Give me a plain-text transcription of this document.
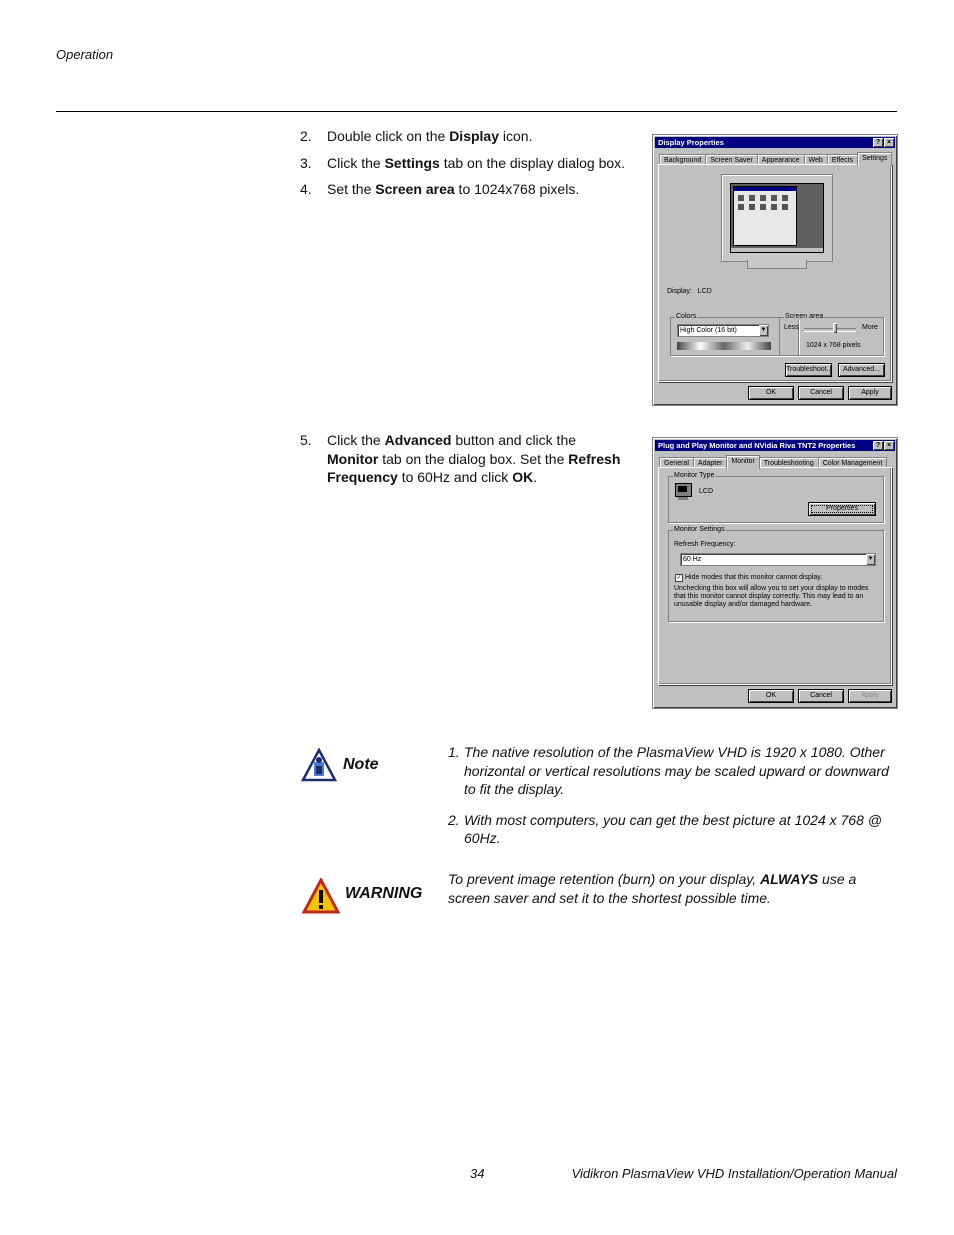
Operation
2.	Double click on the Display icon.
3.	Click the Settings tab on the display dialog box.
4.	Set the Screen area to 1024x768 pixels.
Display Properties	? ×
Background	Screen Saver	Appearance	Web	Effects	Settings
Display: LCD
Colors
High Color (16 bit)	▼
Screen area
Less	More
1024 x 768 pixels
Troubleshoot...	Advanced...
OK	Cancel	Apply
5.	Click the Advanced button and click the Monitor tab on the dialog box. Set the Refresh Frequency to 60Hz and click OK.
Plug and Play Monitor and NVidia Riva TNT2 Properties	? ×
General	Adapter	Monitor	Troubleshooting	Color Management
Monitor Type
LCD
Properties
Monitor Settings
Refresh Frequency:
60 Hz	▼
✓ Hide modes that this monitor cannot display.
Unchecking this box will allow you to set your display to modes that this monitor cannot display correctly. This may lead to an unusable display and/or damaged hardware.
OK	Cancel	Apply
Note
1. The native resolution of the PlasmaView VHD is 1920 x 1080. Other horizontal or vertical resolutions may be scaled upward or downward to fit the display.
2. With most computers, you can get the best picture at 1024 x 768 @ 60Hz.
WARNING
To prevent image retention (burn) on your display, ALWAYS use a screen saver and set it to the shortest possible time.
34	Vidikron PlasmaView VHD Installation/Operation Manual
